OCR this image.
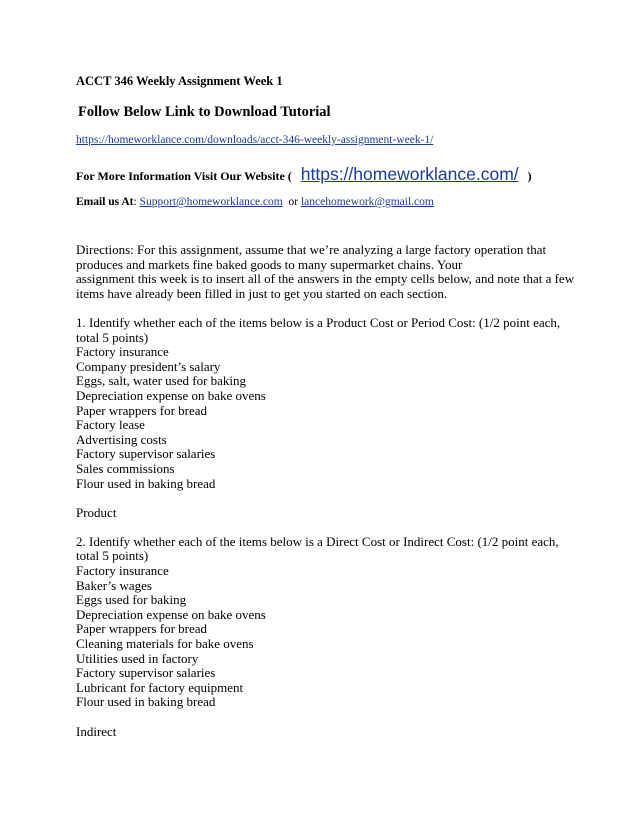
ACCT 346 Weekly Assignment Week 1
Follow Below Link to Download Tutorial
https://homeworklance.com/downloads/acct-346-weekly-assignment-week-1/
For More Information Visit Our Website ( https://homeworklance.com/ )
Email us At: Support@homeworklance.com or lancehomework@gmail.com
Directions: For this assignment, assume that we’re analyzing a large factory operation that
produces and markets fine baked goods to many supermarket chains. Your
assignment this week is to insert all of the answers in the empty cells below, and note that a few
items have already been filled in just to get you started on each section.
1. Identify whether each of the items below is a Product Cost or Period Cost: (1/2 point each,
total 5 points)
Factory insurance
Company president’s salary
Eggs, salt, water used for baking
Depreciation expense on bake ovens
Paper wrappers for bread
Factory lease
Advertising costs
Factory supervisor salaries
Sales commissions
Flour used in baking bread
Product
2. Identify whether each of the items below is a Direct Cost or Indirect Cost: (1/2 point each,
total 5 points)
Factory insurance
Baker’s wages
Eggs used for baking
Depreciation expense on bake ovens
Paper wrappers for bread
Cleaning materials for bake ovens
Utilities used in factory
Factory supervisor salaries
Lubricant for factory equipment
Flour used in baking bread
Indirect
